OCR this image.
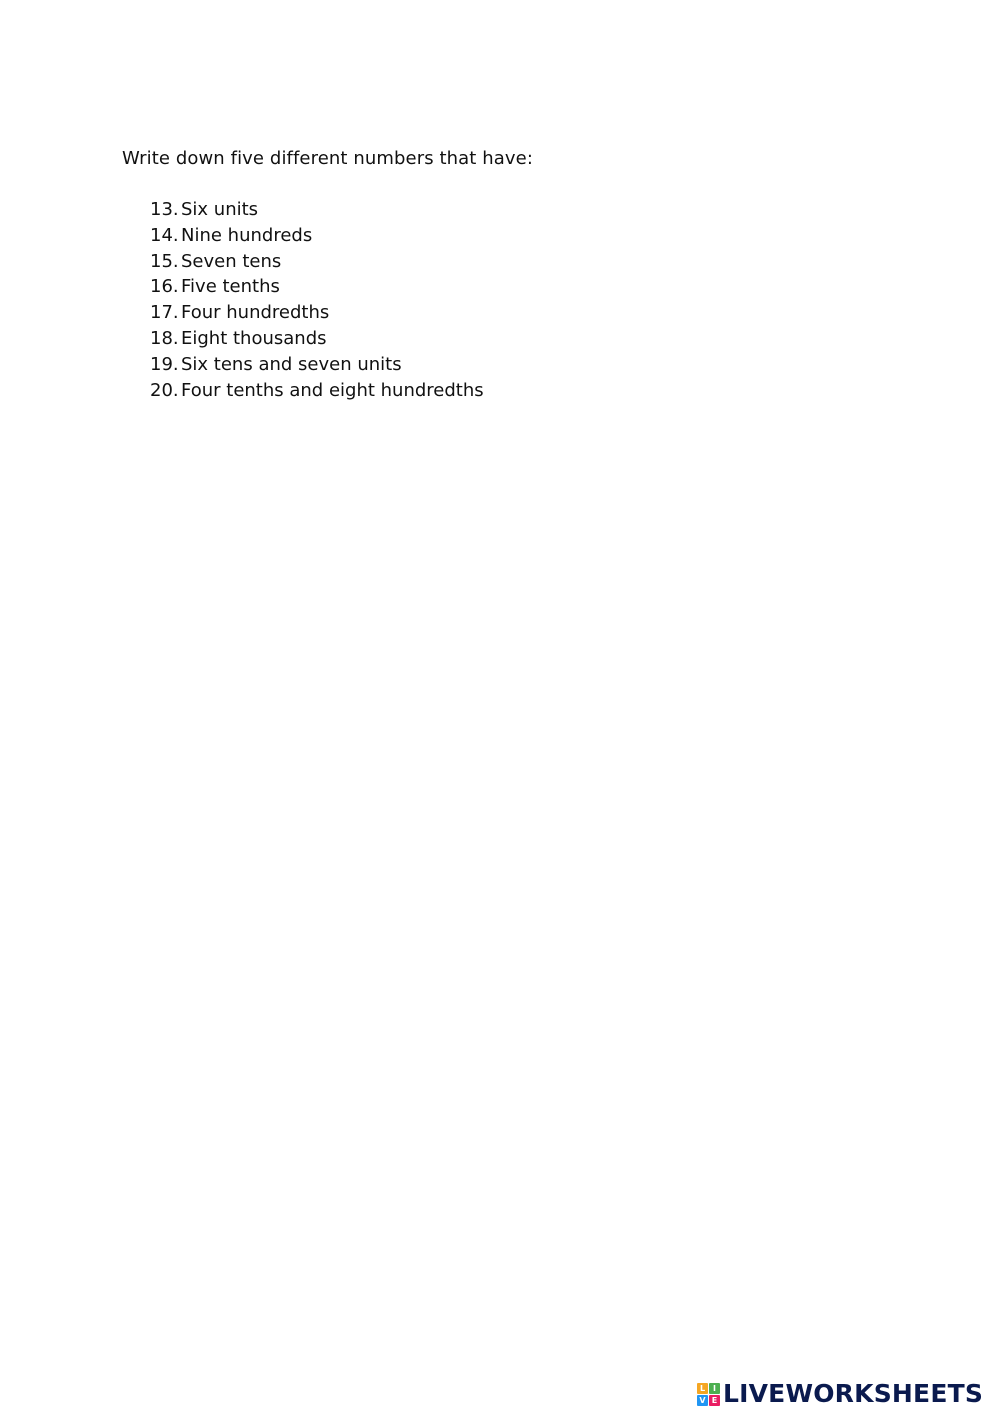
Write down five different numbers that have:
13. Six units
14. Nine hundreds
15. Seven tens
16. Five tenths
17. Four hundredths
18. Eight thousands
19. Six tens and seven units
20. Four tenths and eight hundredths
L I
V E LIVEWORKSHEETS
